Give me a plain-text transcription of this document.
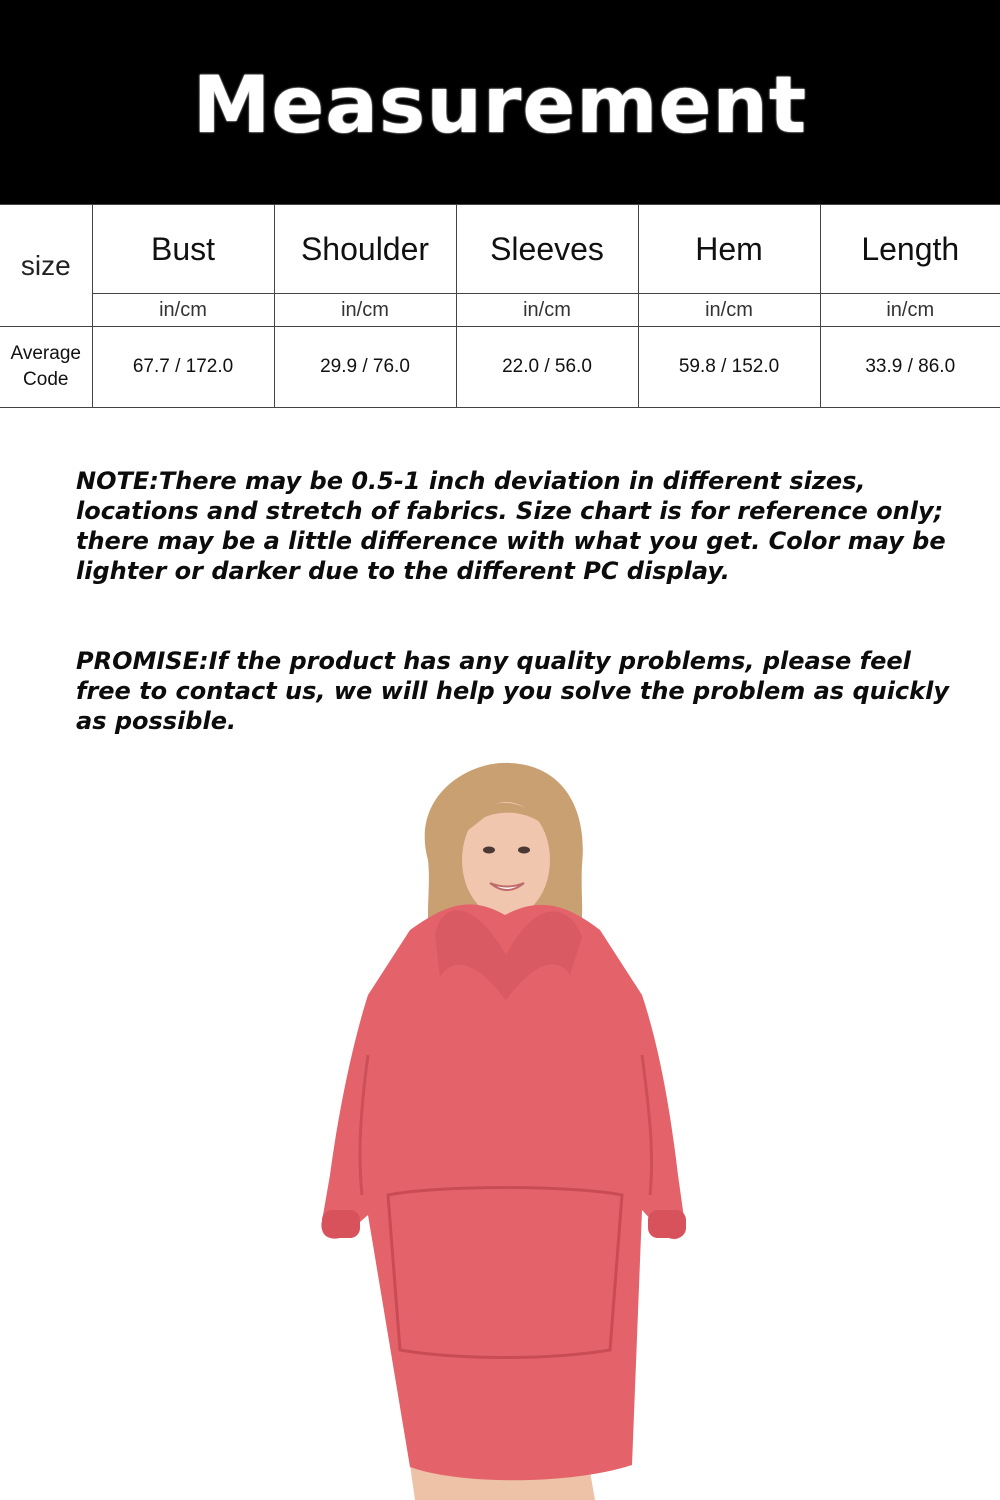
Measurement
size	Bust	Shoulder	Sleeves	Hem	Length
	in/cm	in/cm	in/cm	in/cm	in/cm
Average Code	67.7 / 172.0	29.9 / 76.0	22.0 / 56.0	59.8 / 152.0	33.9 / 86.0

NOTE:There may be 0.5-1 inch deviation in different sizes, locations and stretch of fabrics. Size chart is for reference only; there may be a little difference with what you get. Color may be lighter or darker due to the different PC display.

PROMISE:If the product has any quality problems, please feel free to contact us, we will help you solve the problem as quickly as possible.
